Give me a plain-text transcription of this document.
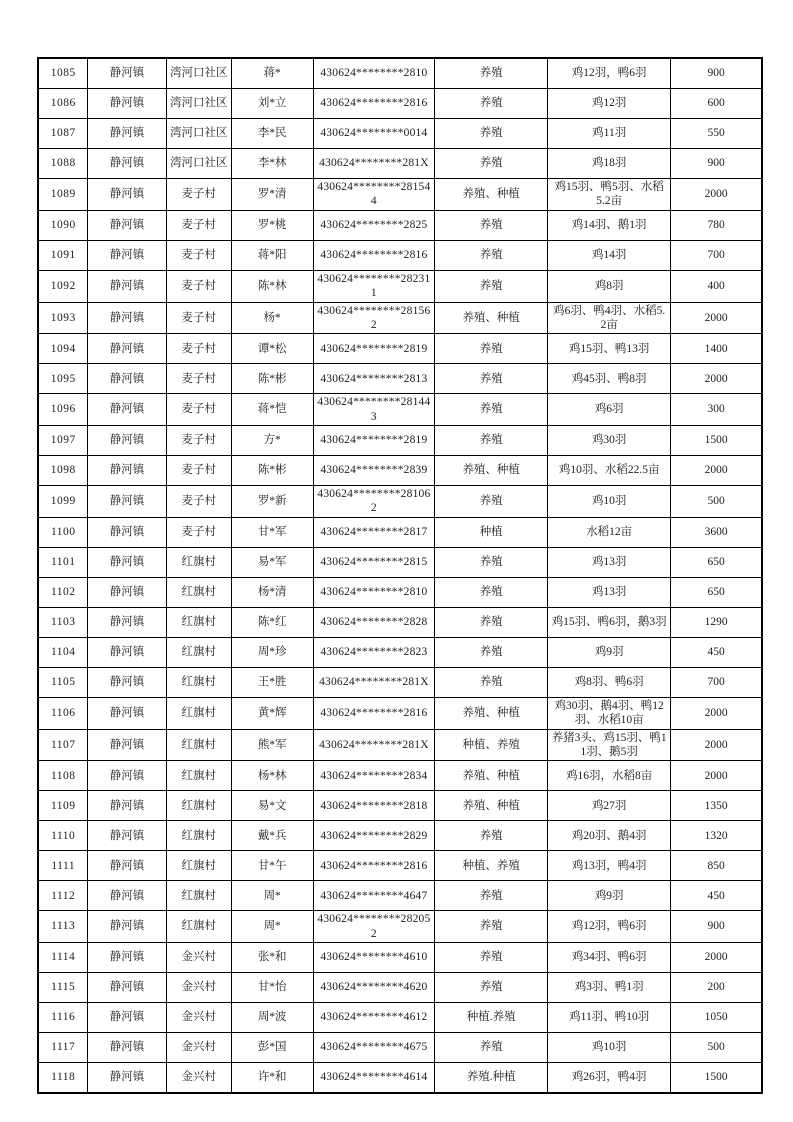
1085	静河镇	湾河口社区	蒋*	430624********2810	养殖	鸡12羽，鸭6羽	900
1086	静河镇	湾河口社区	刘*立	430624********2816	养殖	鸡12羽	600
1087	静河镇	湾河口社区	李*民	430624********0014	养殖	鸡11羽	550
1088	静河镇	湾河口社区	李*林	430624********281X	养殖	鸡18羽	900
1089	静河镇	麦子村	罗*清	430624********281544	养殖、种植	鸡15羽、鸭5羽、水稻5.2亩	2000
1090	静河镇	麦子村	罗*桃	430624********2825	养殖	鸡14羽、鹅1羽	780
1091	静河镇	麦子村	蒋*阳	430624********2816	养殖	鸡14羽	700
1092	静河镇	麦子村	陈*林	430624********282311	养殖	鸡8羽	400
1093	静河镇	麦子村	杨*	430624********281562	养殖、种植	鸡6羽、鸭4羽、水稻5.2亩	2000
1094	静河镇	麦子村	谭*松	430624********2819	养殖	鸡15羽、鸭13羽	1400
1095	静河镇	麦子村	陈*彬	430624********2813	养殖	鸡45羽、鸭8羽	2000
1096	静河镇	麦子村	蒋*恺	430624********281443	养殖	鸡6羽	300
1097	静河镇	麦子村	方*	430624********2819	养殖	鸡30羽	1500
1098	静河镇	麦子村	陈*彬	430624********2839	养殖、种植	鸡10羽、水稻22.5亩	2000
1099	静河镇	麦子村	罗*新	430624********281062	养殖	鸡10羽	500
1100	静河镇	麦子村	甘*军	430624********2817	种植	水稻12亩	3600
1101	静河镇	红旗村	易*军	430624********2815	养殖	鸡13羽	650
1102	静河镇	红旗村	杨*清	430624********2810	养殖	鸡13羽	650
1103	静河镇	红旗村	陈*红	430624********2828	养殖	鸡15羽、鸭6羽，鹅3羽	1290
1104	静河镇	红旗村	周*珍	430624********2823	养殖	鸡9羽	450
1105	静河镇	红旗村	王*胜	430624********281X	养殖	鸡8羽、鸭6羽	700
1106	静河镇	红旗村	黄*辉	430624********2816	养殖、种植	鸡30羽、鹅4羽、鸭12羽、水稻10亩	2000
1107	静河镇	红旗村	熊*军	430624********281X	种植、养殖	养猪3头、鸡15羽、鸭11羽、鹅5羽	2000
1108	静河镇	红旗村	杨*林	430624********2834	养殖、种植	鸡16羽，水稻8亩	2000
1109	静河镇	红旗村	易*文	430624********2818	养殖、种植	鸡27羽	1350
1110	静河镇	红旗村	戴*兵	430624********2829	养殖	鸡20羽、鹅4羽	1320
1111	静河镇	红旗村	甘*午	430624********2816	种植、养殖	鸡13羽，鸭4羽	850
1112	静河镇	红旗村	周*	430624********4647	养殖	鸡9羽	450
1113	静河镇	红旗村	周*	430624********282052	养殖	鸡12羽，鸭6羽	900
1114	静河镇	金兴村	张*和	430624********4610	养殖	鸡34羽、鸭6羽	2000
1115	静河镇	金兴村	甘*怡	430624********4620	养殖	鸡3羽、鸭1羽	200
1116	静河镇	金兴村	周*波	430624********4612	种植.养殖	鸡11羽、鸭10羽	1050
1117	静河镇	金兴村	彭*国	430624********4675	养殖	鸡10羽	500
1118	静河镇	金兴村	许*和	430624********4614	养殖.种植	鸡26羽，鸭4羽	1500
